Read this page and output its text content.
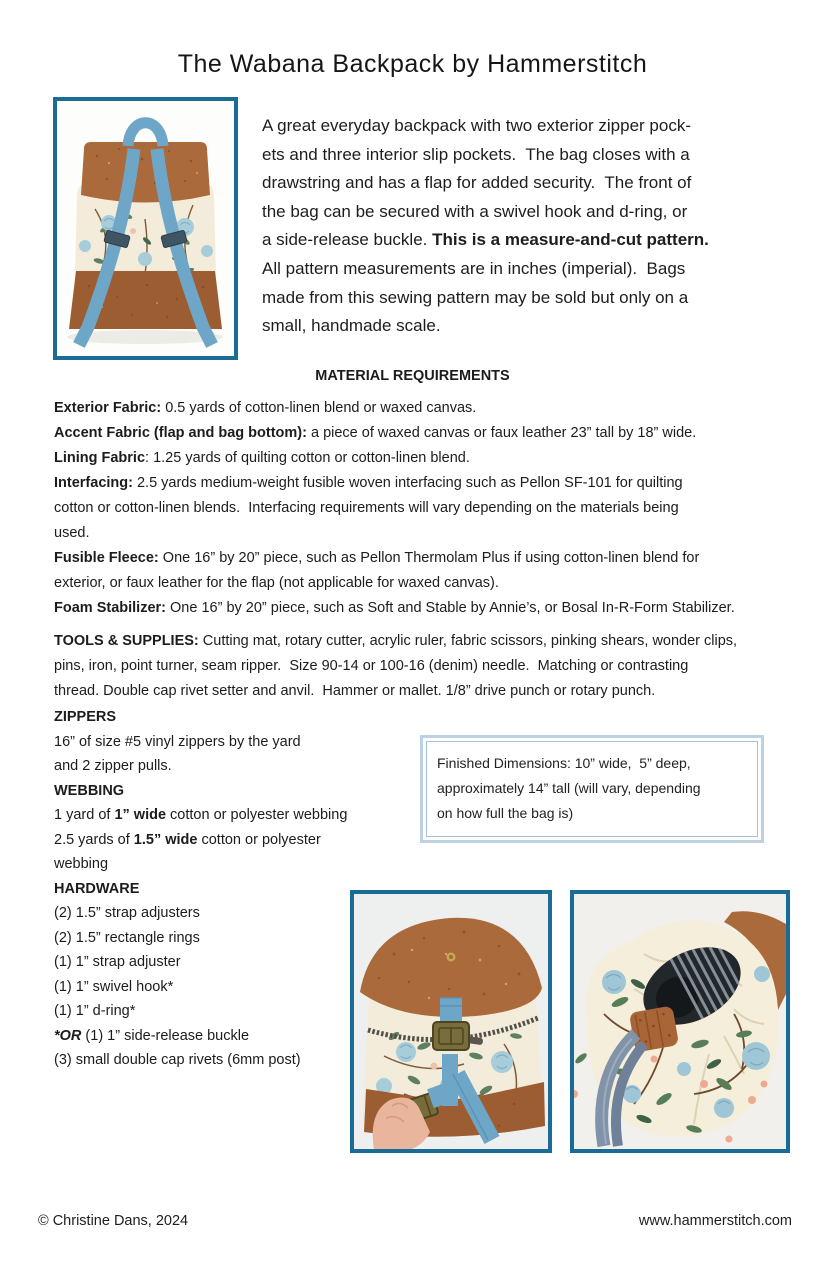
The Wabana Backpack by Hammerstitch
A great everyday backpack with two exterior zipper pock-
ets and three interior slip pockets.  The bag closes with a
drawstring and has a flap for added security.  The front of
the bag can be secured with a swivel hook and d-ring, or
a side-release buckle. This is a measure-and-cut pattern.
All pattern measurements are in inches (imperial).  Bags
made from this sewing pattern may be sold but only on a
small, handmade scale.
MATERIAL REQUIREMENTS
Exterior Fabric: 0.5 yards of cotton-linen blend or waxed canvas.
Accent Fabric (flap and bag bottom): a piece of waxed canvas or faux leather 23” tall by 18” wide.
Lining Fabric: 1.25 yards of quilting cotton or cotton-linen blend.
Interfacing: 2.5 yards medium-weight fusible woven interfacing such as Pellon SF-101 for quilting
cotton or cotton-linen blends.  Interfacing requirements will vary depending on the materials being
used.
Fusible Fleece: One 16” by 20” piece, such as Pellon Thermolam Plus if using cotton-linen blend for
exterior, or faux leather for the flap (not applicable for waxed canvas).
Foam Stabilizer: One 16” by 20” piece, such as Soft and Stable by Annie’s, or Bosal In-R-Form Stabilizer.
TOOLS & SUPPLIES: Cutting mat, rotary cutter, acrylic ruler, fabric scissors, pinking shears, wonder clips,
pins, iron, point turner, seam ripper.  Size 90-14 or 100-16 (denim) needle.  Matching or contrasting
thread. Double cap rivet setter and anvil.  Hammer or mallet. 1/8” drive punch or rotary punch.
ZIPPERS
16” of size #5 vinyl zippers by the yard
and 2 zipper pulls.
WEBBING
1 yard of 1” wide cotton or polyester webbing
2.5 yards of 1.5” wide cotton or polyester
webbing
HARDWARE
(2) 1.5” strap adjusters
(2) 1.5” rectangle rings
(1) 1” strap adjuster
(1) 1” swivel hook*
(1) 1” d-ring*
*OR (1) 1” side-release buckle
(3) small double cap rivets (6mm post)
Finished Dimensions: 10” wide,  5” deep,
approximately 14” tall (will vary, depending
on how full the bag is)
© Christine Dans, 2024	www.hammerstitch.com
